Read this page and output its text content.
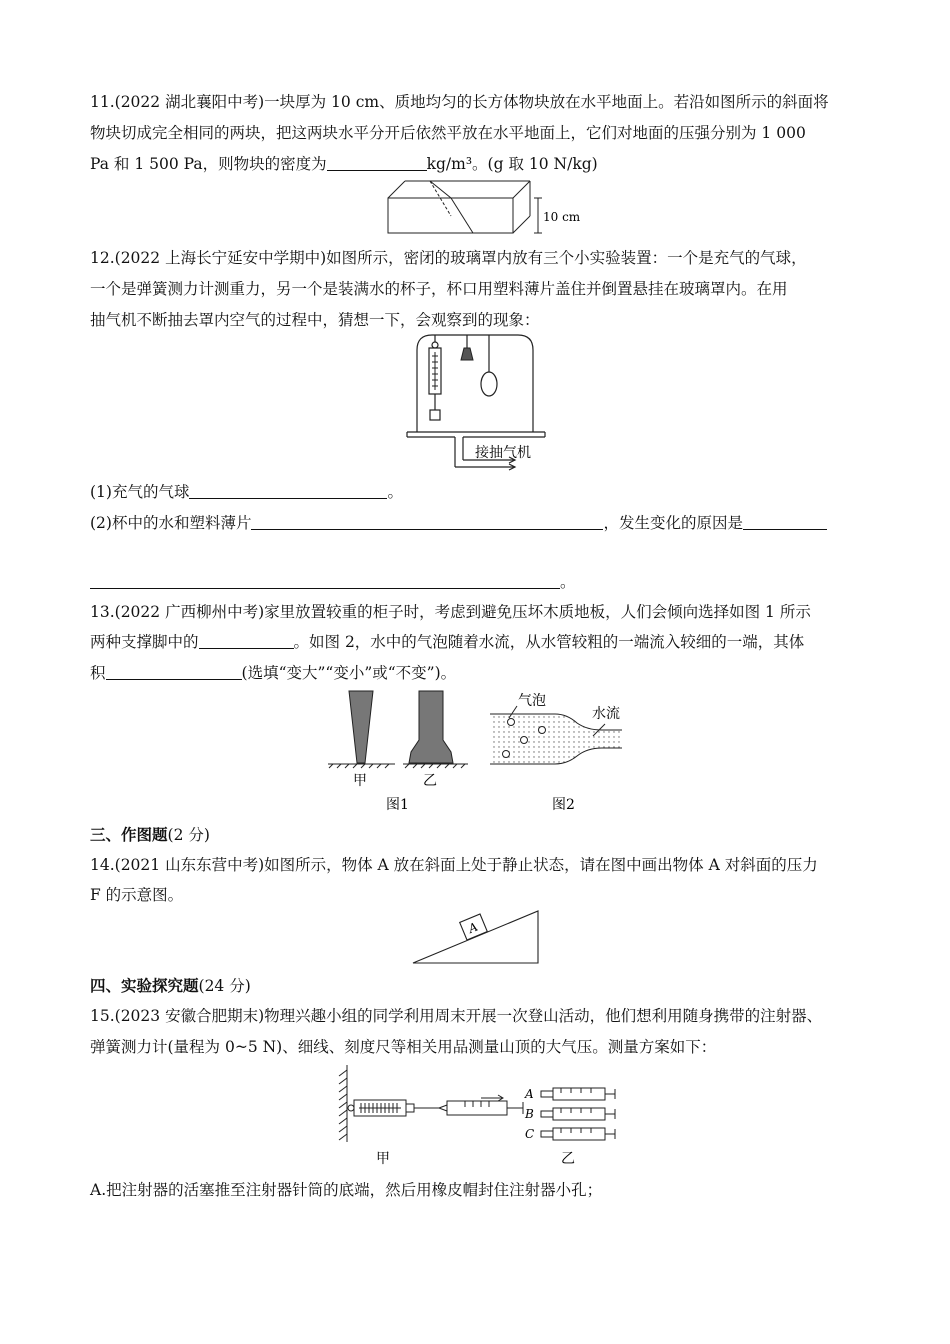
11.(2022 湖北襄阳中考)一块厚为 10 cm、质地均匀的长方体物块放在水平地面上。若沿如图所示的斜面将
物块切成完全相同的两块，把这两块水平分开后依然平放在水平地面上，它们对地面的压强分别为 1 000
Pa 和 1 500 Pa，则物块的密度为	kg/m³。(g 取 10 N/kg)
10 cm
12.(2022 上海长宁延安中学期中)如图所示，密闭的玻璃罩内放有三个小实验装置：一个是充气的气球，
一个是弹簧测力计测重力，另一个是装满水的杯子，杯口用塑料薄片盖住并倒置悬挂在玻璃罩内。在用
抽气机不断抽去罩内空气的过程中，猜想一下，会观察到的现象：
接抽气机
(1)充气的气球	。
(2)杯中的水和塑料薄片	，发生变化的原因是
。
13.(2022 广西柳州中考)家里放置较重的柜子时，考虑到避免压坏木质地板，人们会倾向选择如图 1 所示
两种支撑脚中的	。如图 2，水中的气泡随着水流，从水管较粗的一端流入较细的一端，其体
积	(选填“变大”“变小”或“不变”)。
甲	乙
图1
气泡
水流
图2
三、作图题(2 分)
14.(2021 山东东营中考)如图所示，物体 A 放在斜面上处于静止状态，请在图中画出物体 A 对斜面的压力
F 的示意图。
A
四、实验探究题(24 分)
15.(2023 安徽合肥期末)物理兴趣小组的同学利用周末开展一次登山活动，他们想利用随身携带的注射器、
弹簧测力计(量程为 0~5 N)、细线、刻度尺等相关用品测量山顶的大气压。测量方案如下：
A
B
C
甲	乙
A.把注射器的活塞推至注射器针筒的底端，然后用橡皮帽封住注射器小孔；
